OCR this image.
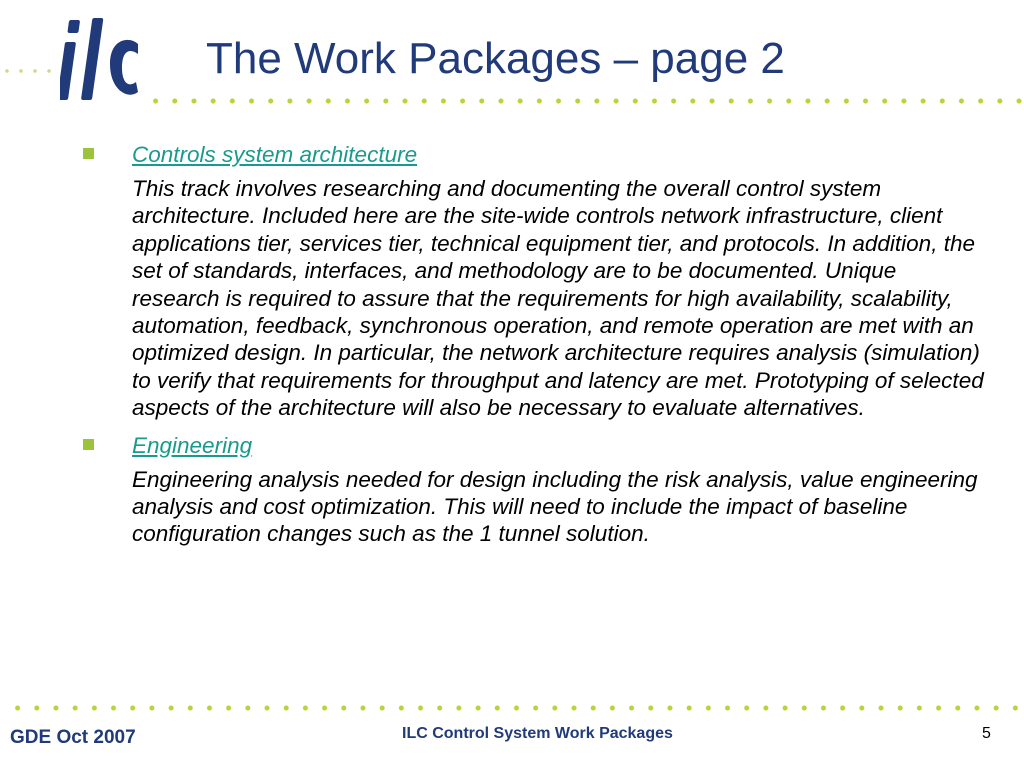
The Work Packages – page 2
Controls system architecture
This track involves researching and documenting the overall control system architecture. Included here are the site-wide controls network infrastructure, client applications tier, services tier, technical equipment tier, and protocols. In addition, the set of standards, interfaces, and methodology are to be documented. Unique research is required to assure that the requirements for high availability, scalability, automation, feedback, synchronous operation, and remote operation are met with an optimized design. In particular, the network architecture requires analysis (simulation) to verify that requirements for throughput and latency are met. Prototyping of selected aspects of the architecture will also be necessary to evaluate alternatives.
Engineering
Engineering analysis needed for design including the risk analysis, value engineering analysis and cost optimization. This will need to include the impact of baseline configuration changes such as the 1 tunnel solution.
GDE Oct 2007	ILC Control System Work Packages	5
